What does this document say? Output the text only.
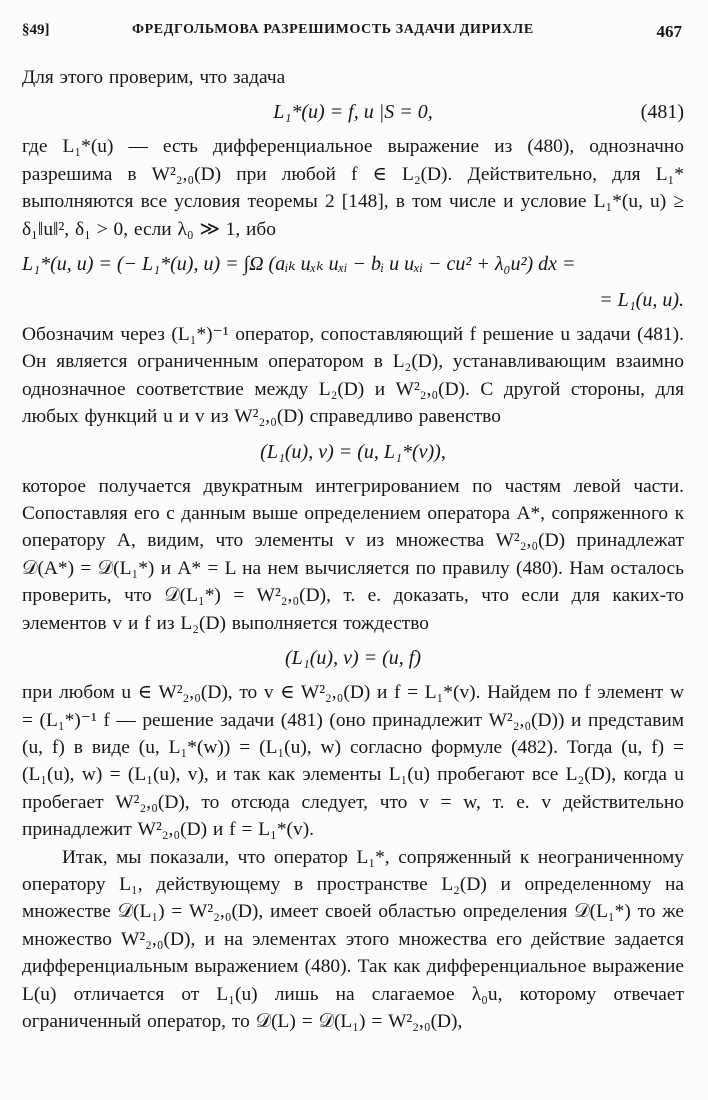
§49]	ФРЕДГОЛЬМОВА РАЗРЕШИМОСТЬ ЗАДАЧИ ДИРИХЛЕ	467

Для этого проверим, что задача

L₁*(u) = f, u |S = 0,	(481)

где L₁*(u) — есть дифференциальное выражение из (480), однозначно разрешима в W²₂,₀(D) при любой f ∈ L₂(D). Действительно, для L₁* выполняются все условия теоремы 2 [148], в том числе и условие L₁*(u, u) ≥ δ₁‖u‖², δ₁ > 0, если λ₀ ≫ 1, ибо

L₁*(u, u) = (− L₁*(u), u) = ∫Ω (aᵢₖ uₓₖ uₓᵢ − bᵢ u uₓᵢ − cu² + λ₀u²) dx =
= L₁(u, u).

Обозначим через (L₁*)⁻¹ оператор, сопоставляющий f решение u задачи (481). Он является ограниченным оператором в L₂(D), устанавливающим взаимно однозначное соответствие между L₂(D) и W²₂,₀(D). С другой стороны, для любых функций u и v из W²₂,₀(D) справедливо равенство

(L₁(u), v) = (u, L₁*(v)),

которое получается двукратным интегрированием по частям левой части. Сопоставляя его с данным выше определением оператора A*, сопряженного к оператору A, видим, что элементы v из множества W²₂,₀(D) принадлежат 𝒟(A*) = 𝒟(L₁*) и A* = L на нем вычисляется по правилу (480). Нам осталось проверить, что 𝒟(L₁*) = W²₂,₀(D), т. е. доказать, что если для каких-то элементов v и f из L₂(D) выполняется тождество

(L₁(u), v) = (u, f)

при любом u ∈ W²₂,₀(D), то v ∈ W²₂,₀(D) и f = L₁*(v). Найдем по f элемент w = (L₁*)⁻¹ f — решение задачи (481) (оно принадлежит W²₂,₀(D)) и представим (u, f) в виде (u, L₁*(w)) = (L₁(u), w) согласно формуле (482). Тогда (u, f) = (L₁(u), w) = (L₁(u), v), и так как элементы L₁(u) пробегают все L₂(D), когда u пробегает W²₂,₀(D), то отсюда следует, что v = w, т. е. v действительно принадлежит W²₂,₀(D) и f = L₁*(v).

Итак, мы показали, что оператор L₁*, сопряженный к неограниченному оператору L₁, действующему в пространстве L₂(D) и определенному на множестве 𝒟(L₁) = W²₂,₀(D), имеет своей областью определения 𝒟(L₁*) то же множество W²₂,₀(D), и на элементах этого множества его действие задается дифференциальным выражением (480). Так как дифференциальное выражение L(u) отличается от L₁(u) лишь на слагаемое λ₀u, которому отвечает ограниченный оператор, то 𝒟(L) = 𝒟(L₁) = W²₂,₀(D),
